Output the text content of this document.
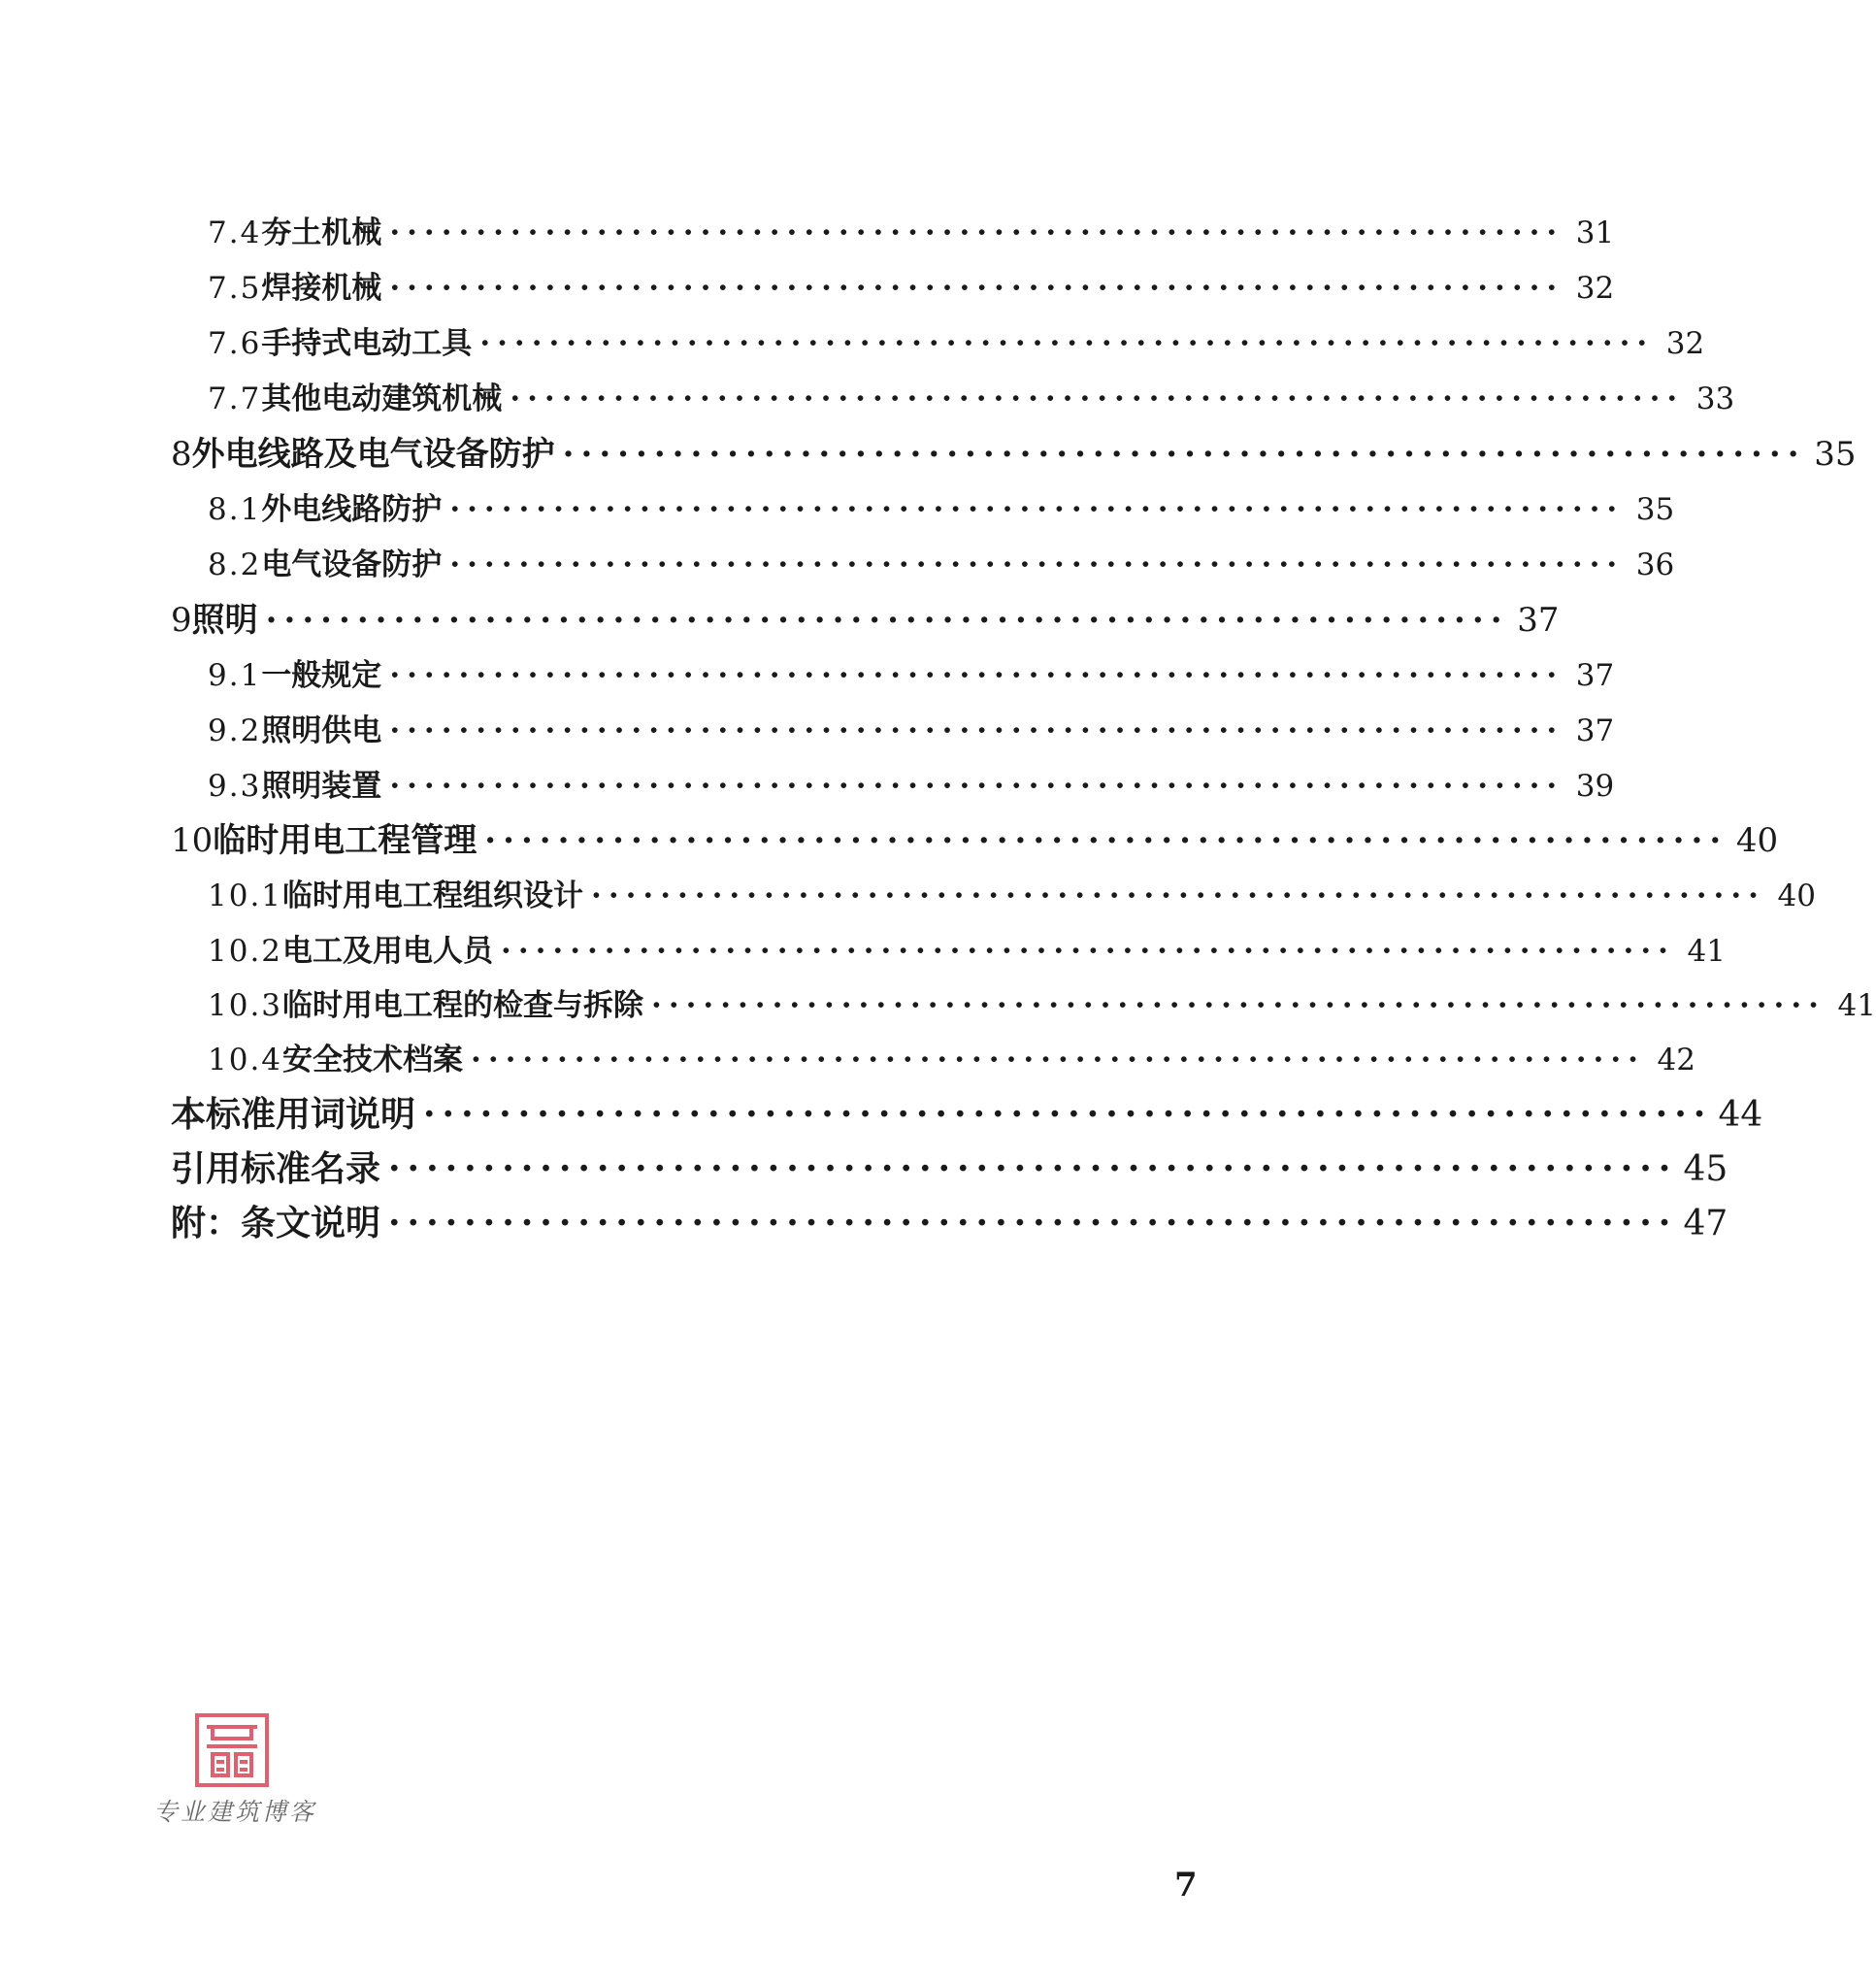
7.4 夯土机械 ···································································· 31
7.5 焊接机械 ···································································· 32
7.6 手持式电动工具 ···································································· 32
7.7 其他电动建筑机械 ···································································· 33
8 外电线路及电气设备防护 ···································································· 35
8.1 外电线路防护 ···································································· 35
8.2 电气设备防护 ···································································· 36
9 照明 ···································································· 37
9.1 一般规定 ···································································· 37
9.2 照明供电 ···································································· 37
9.3 照明装置 ···································································· 39
10 临时用电工程管理 ···································································· 40
10.1 临时用电工程组织设计 ···································································· 40
10.2 电工及用电人员 ···································································· 41
10.3 临时用电工程的检查与拆除 ···································································· 41
10.4 安全技术档案 ···································································· 42
本标准用词说明 ···································································· 44
引用标准名录 ···································································· 45
附：条文说明 ···································································· 47
专业建筑博客
7
